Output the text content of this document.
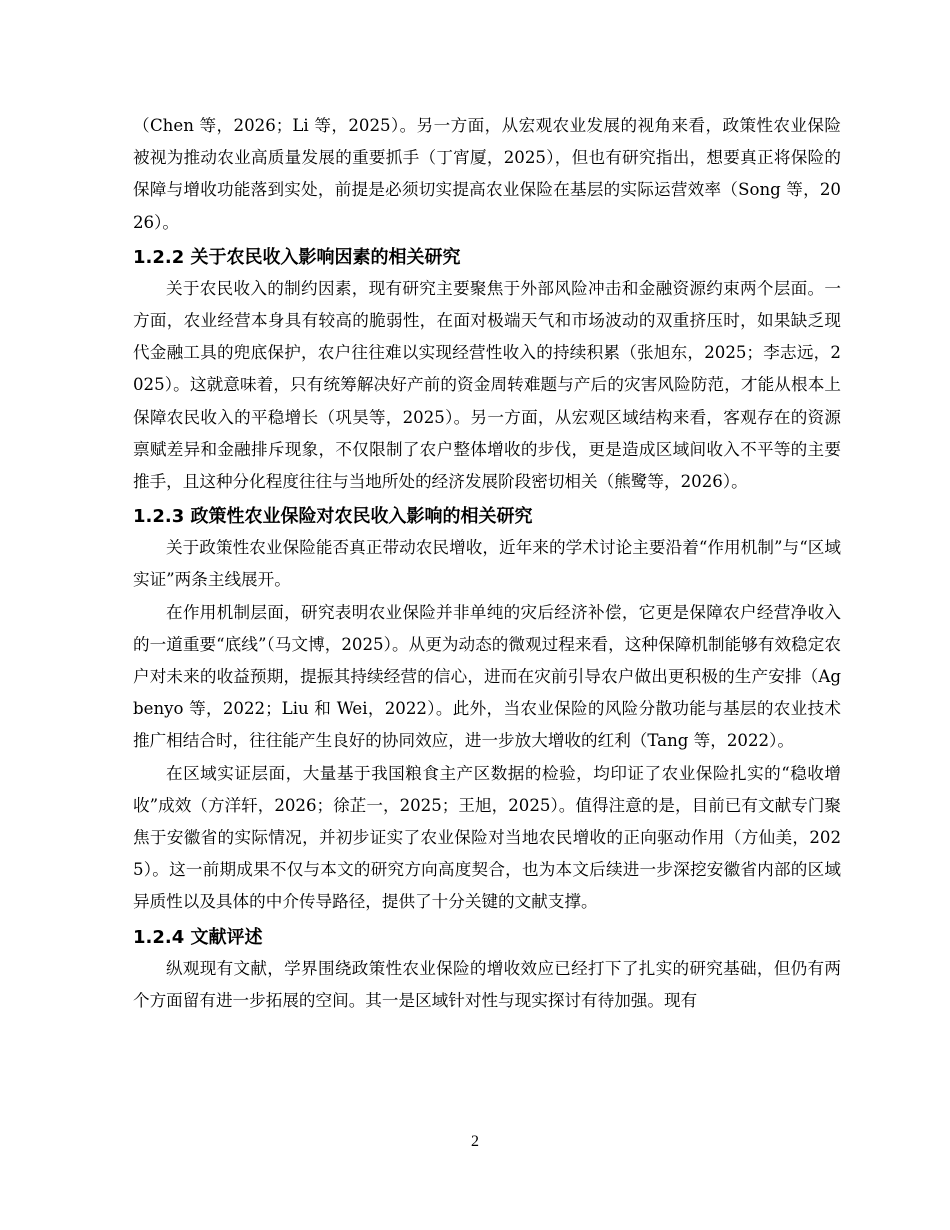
（Chen 等，2026；Li 等，2025）。另一方面，从宏观农业发展的视角来看，政策性农业保险被视为推动农业高质量发展的重要抓手（丁宵厦，2025），但也有研究指出，想要真正将保险的保障与增收功能落到实处，前提是必须切实提高农业保险在基层的实际运营效率（Song 等，2026）。

1.2.2 关于农民收入影响因素的相关研究

关于农民收入的制约因素，现有研究主要聚焦于外部风险冲击和金融资源约束两个层面。一方面，农业经营本身具有较高的脆弱性，在面对极端天气和市场波动的双重挤压时，如果缺乏现代金融工具的兜底保护，农户往往难以实现经营性收入的持续积累（张旭东，2025；李志远，2025）。这就意味着，只有统筹解决好产前的资金周转难题与产后的灾害风险防范，才能从根本上保障农民收入的平稳增长（巩昊等，2025）。另一方面，从宏观区域结构来看，客观存在的资源禀赋差异和金融排斥现象，不仅限制了农户整体增收的步伐，更是造成区域间收入不平等的主要推手，且这种分化程度往往与当地所处的经济发展阶段密切相关（熊鹭等，2026）。

1.2.3 政策性农业保险对农民收入影响的相关研究

关于政策性农业保险能否真正带动农民增收，近年来的学术讨论主要沿着“作用机制”与“区域实证”两条主线展开。

在作用机制层面，研究表明农业保险并非单纯的灾后经济补偿，它更是保障农户经营净收入的一道重要“底线”（马文博，2025）。从更为动态的微观过程来看，这种保障机制能够有效稳定农户对未来的收益预期，提振其持续经营的信心，进而在灾前引导农户做出更积极的生产安排（Agbenyo 等，2022；Liu 和 Wei，2022）。此外，当农业保险的风险分散功能与基层的农业技术推广相结合时，往往能产生良好的协同效应，进一步放大增收的红利（Tang 等，2022）。

在区域实证层面，大量基于我国粮食主产区数据的检验，均印证了农业保险扎实的“稳收增收”成效（方洋轩，2026；徐芷一，2025；王旭，2025）。值得注意的是，目前已有文献专门聚焦于安徽省的实际情况，并初步证实了农业保险对当地农民增收的正向驱动作用（方仙美，2025）。这一前期成果不仅与本文的研究方向高度契合，也为本文后续进一步深挖安徽省内部的区域异质性以及具体的中介传导路径，提供了十分关键的文献支撑。

1.2.4 文献评述

纵观现有文献，学界围绕政策性农业保险的增收效应已经打下了扎实的研究基础，但仍有两个方面留有进一步拓展的空间。其一是区域针对性与现实探讨有待加强。现有

2
